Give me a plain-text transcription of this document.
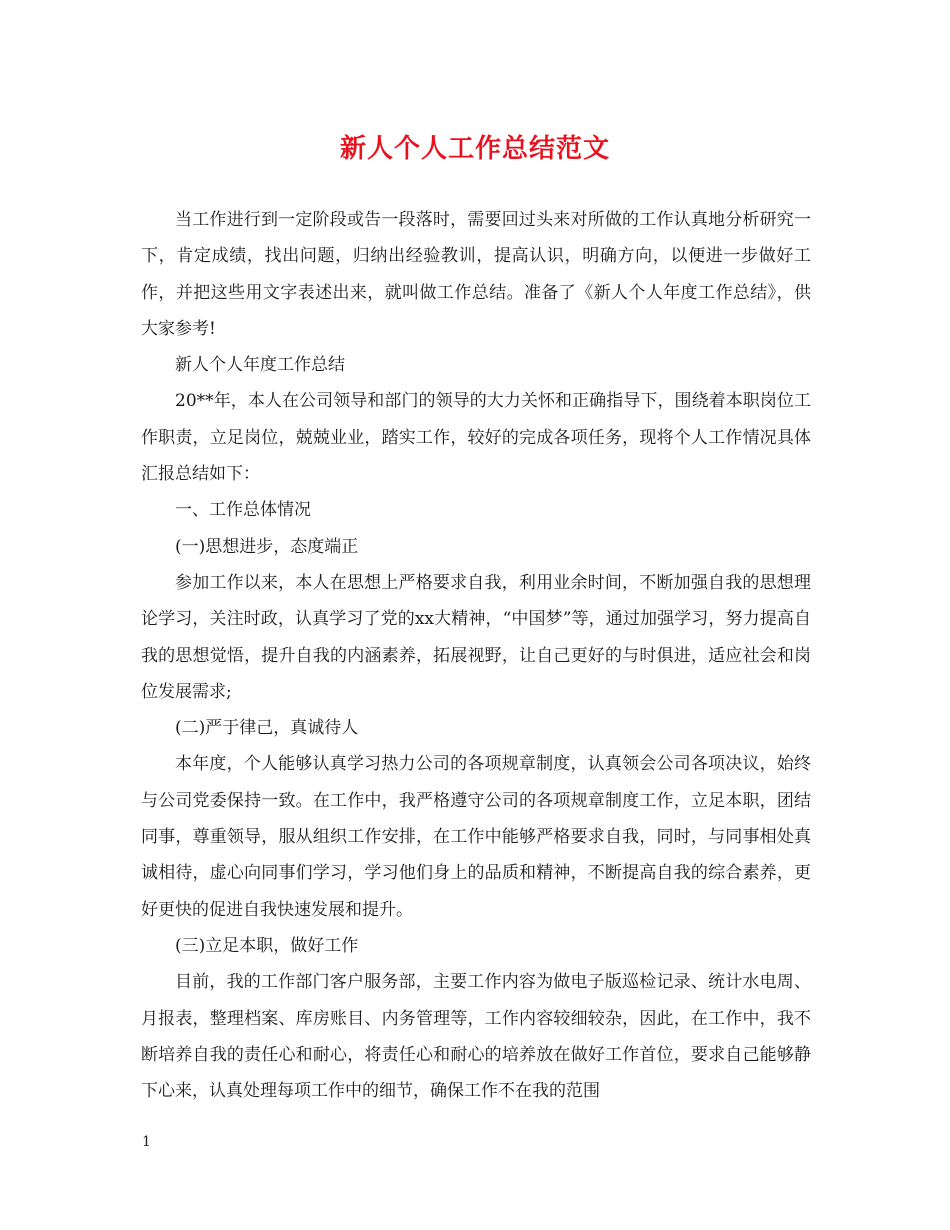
新人个人工作总结范文

当工作进行到一定阶段或告一段落时，需要回过头来对所做的工作认真地分析研究一下，肯定成绩，找出问题，归纳出经验教训，提高认识，明确方向，以便进一步做好工作，并把这些用文字表述出来，就叫做工作总结。准备了《新人个人年度工作总结》，供大家参考!

新人个人年度工作总结

20**年，本人在公司领导和部门的领导的大力关怀和正确指导下，围绕着本职岗位工作职责，立足岗位，兢兢业业，踏实工作，较好的完成各项任务，现将个人工作情况具体汇报总结如下：

一、工作总体情况

(一)思想进步，态度端正

参加工作以来，本人在思想上严格要求自我，利用业余时间，不断加强自我的思想理论学习，关注时政，认真学习了党的xx大精神，“中国梦”等，通过加强学习，努力提高自我的思想觉悟，提升自我的内涵素养，拓展视野，让自己更好的与时俱进，适应社会和岗位发展需求;

(二)严于律己，真诚待人

本年度，个人能够认真学习热力公司的各项规章制度，认真领会公司各项决议，始终与公司党委保持一致。在工作中，我严格遵守公司的各项规章制度工作，立足本职，团结同事，尊重领导，服从组织工作安排，在工作中能够严格要求自我，同时，与同事相处真诚相待，虚心向同事们学习，学习他们身上的品质和精神，不断提高自我的综合素养，更好更快的促进自我快速发展和提升。

(三)立足本职，做好工作

目前，我的工作部门客户服务部，主要工作内容为做电子版巡检记录、统计水电周、月报表，整理档案、库房账目、内务管理等，工作内容较细较杂，因此，在工作中，我不断培养自我的责任心和耐心，将责任心和耐心的培养放在做好工作首位，要求自己能够静下心来，认真处理每项工作中的细节，确保工作不在我的范围

1
